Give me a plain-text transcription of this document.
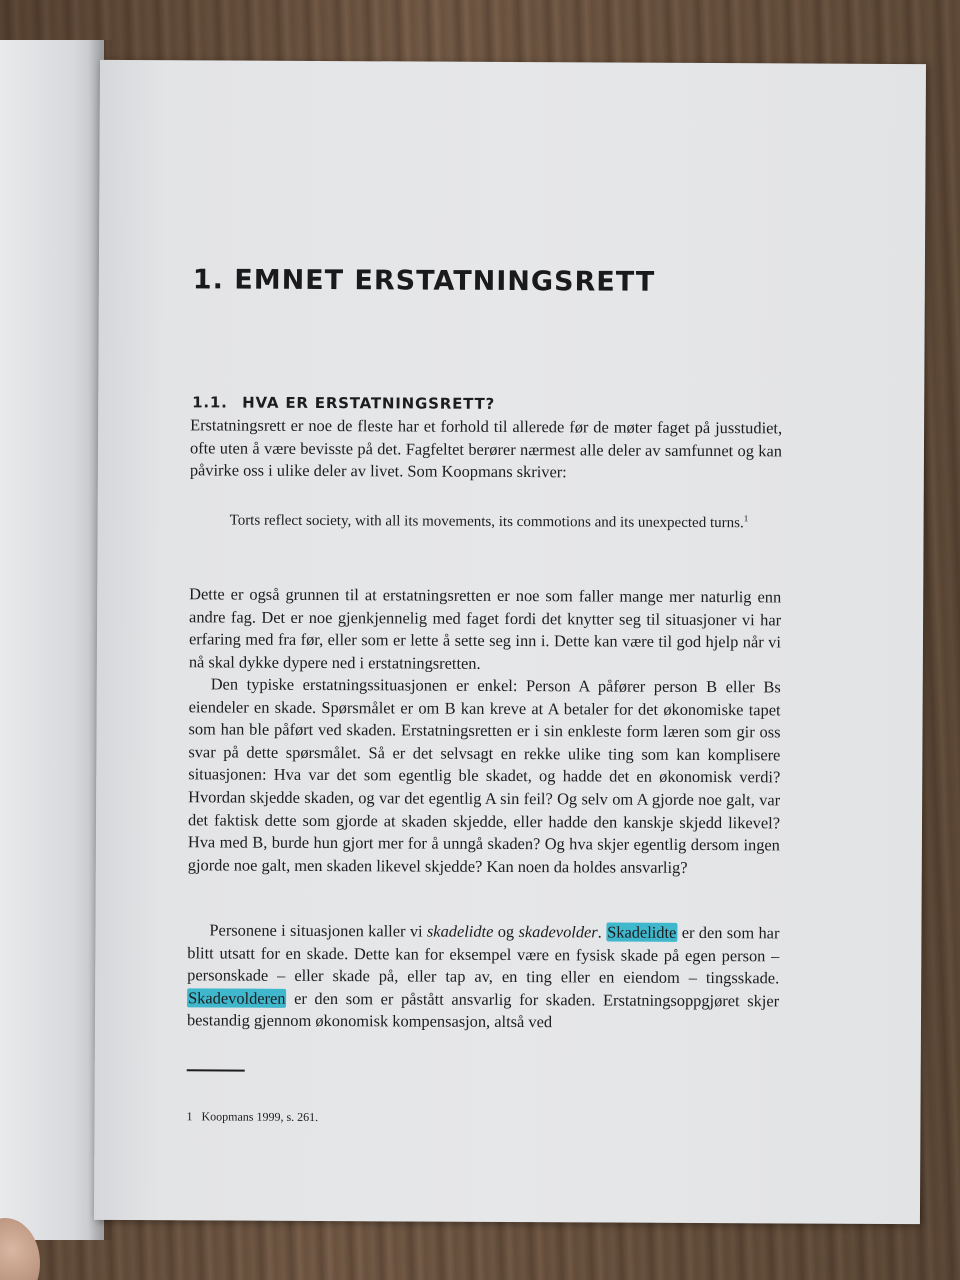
1. EMNET ERSTATNINGSRETT
1.1. HVA ER ERSTATNINGSRETT?

Erstatningsrett er noe de fleste har et forhold til allerede før de møter faget på jusstudiet, ofte uten å være bevisste på det. Fagfeltet berører nærmest alle deler av samfunnet og kan påvirke oss i ulike deler av livet. Som Koopmans skriver:

Torts reflect society, with all its movements, its commotions and its unexpected turns.$^1$

Dette er også grunnen til at erstatningsretten er noe som faller mange mer naturlig enn andre fag. Det er noe gjenkjennelig med faget fordi det knytter seg til situasjoner vi har erfaring med fra før, eller som er lette å sette seg inn i. Dette kan være til god hjelp når vi nå skal dykke dypere ned i erstatningsretten.

Den typiske erstatningssituasjonen er enkel: Person A påfører person B eller Bs eiendeler en skade. Spørsmålet er om B kan kreve at A betaler for det økonomiske tapet som han ble påført ved skaden. Erstatningsretten er i sin enkleste form læren som gir oss svar på dette spørsmålet. Så er det selvsagt en rekke ulike ting som kan komplisere situasjonen: Hva var det som egentlig ble skadet, og hadde det en økonomisk verdi? Hvordan skjedde skaden, og var det egentlig A sin feil? Og selv om A gjorde noe galt, var det faktisk dette som gjorde at skaden skjedde, eller hadde den kanskje skjedd likevel? Hva med B, burde hun gjort mer for å unngå skaden? Og hva skjer egentlig dersom ingen gjorde noe galt, men skaden likevel skjedde? Kan noen da holdes ansvarlig?

Personene i situasjonen kaller vi skadelidte og skadevolder. Skadelidte er den som har blitt utsatt for en skade. Dette kan for eksempel være en fysisk skade på egen person – personskade – eller skade på, eller tap av, en ting eller en eiendom – tingsskade. Skadevolderen er den som er påstått ansvarlig for skaden. Erstatningsoppgjøret skjer bestandig gjennom økonomisk kompensasjon, altså ved

1 Koopmans 1999, s. 261.
